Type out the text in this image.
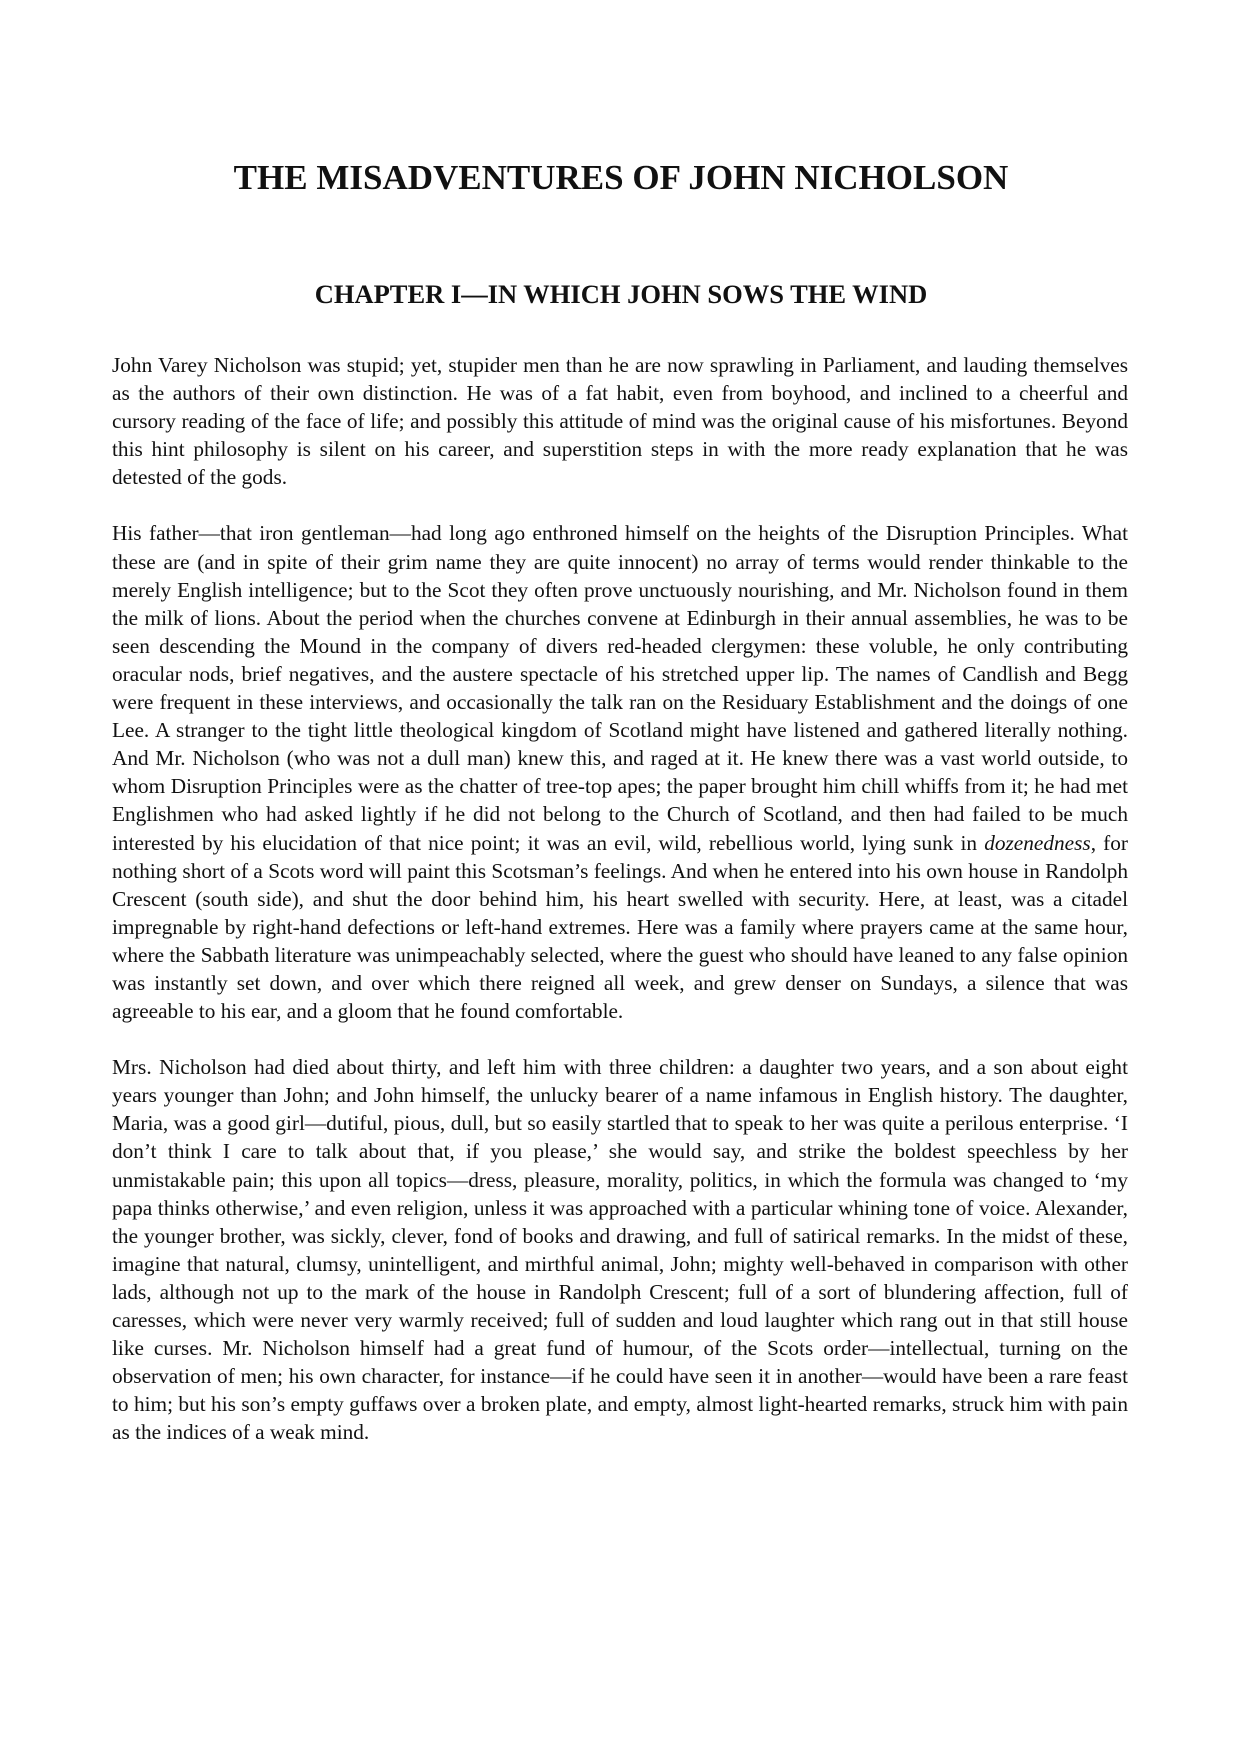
THE MISADVENTURES OF JOHN NICHOLSON
CHAPTER I—IN WHICH JOHN SOWS THE WIND

John Varey Nicholson was stupid; yet, stupider men than he are now sprawling in Parliament, and lauding themselves as the authors of their own distinction. He was of a fat habit, even from boyhood, and inclined to a cheerful and cursory reading of the face of life; and possibly this attitude of mind was the original cause of his misfortunes. Beyond this hint philosophy is silent on his career, and superstition steps in with the more ready explanation that he was detested of the gods.

His father—that iron gentleman—had long ago enthroned himself on the heights of the Disruption Principles. What these are (and in spite of their grim name they are quite innocent) no array of terms would render thinkable to the merely English intelligence; but to the Scot they often prove unctuously nourishing, and Mr. Nicholson found in them the milk of lions. About the period when the churches convene at Edinburgh in their annual assemblies, he was to be seen descending the Mound in the company of divers red-headed clergymen: these voluble, he only contributing oracular nods, brief negatives, and the austere spectacle of his stretched upper lip. The names of Candlish and Begg were frequent in these interviews, and occasionally the talk ran on the Residuary Establishment and the doings of one Lee. A stranger to the tight little theological kingdom of Scotland might have listened and gathered literally nothing. And Mr. Nicholson (who was not a dull man) knew this, and raged at it. He knew there was a vast world outside, to whom Disruption Principles were as the chatter of tree-top apes; the paper brought him chill whiffs from it; he had met Englishmen who had asked lightly if he did not belong to the Church of Scotland, and then had failed to be much interested by his elucidation of that nice point; it was an evil, wild, rebellious world, lying sunk in dozenedness, for nothing short of a Scots word will paint this Scotsman’s feelings. And when he entered into his own house in Randolph Crescent (south side), and shut the door behind him, his heart swelled with security. Here, at least, was a citadel impregnable by right-hand defections or left-hand extremes. Here was a family where prayers came at the same hour, where the Sabbath literature was unimpeachably selected, where the guest who should have leaned to any false opinion was instantly set down, and over which there reigned all week, and grew denser on Sundays, a silence that was agreeable to his ear, and a gloom that he found comfortable.

Mrs. Nicholson had died about thirty, and left him with three children: a daughter two years, and a son about eight years younger than John; and John himself, the unlucky bearer of a name infamous in English history. The daughter, Maria, was a good girl—dutiful, pious, dull, but so easily startled that to speak to her was quite a perilous enterprise. ‘I don’t think I care to talk about that, if you please,’ she would say, and strike the boldest speechless by her unmistakable pain; this upon all topics—dress, pleasure, morality, politics, in which the formula was changed to ‘my papa thinks otherwise,’ and even religion, unless it was approached with a particular whining tone of voice. Alexander, the younger brother, was sickly, clever, fond of books and drawing, and full of satirical remarks. In the midst of these, imagine that natural, clumsy, unintelligent, and mirthful animal, John; mighty well-behaved in comparison with other lads, although not up to the mark of the house in Randolph Crescent; full of a sort of blundering affection, full of caresses, which were never very warmly received; full of sudden and loud laughter which rang out in that still house like curses. Mr. Nicholson himself had a great fund of humour, of the Scots order—intellectual, turning on the observation of men; his own character, for instance—if he could have seen it in another—would have been a rare feast to him; but his son’s empty guffaws over a broken plate, and empty, almost light-hearted remarks, struck him with pain as the indices of a weak mind.
